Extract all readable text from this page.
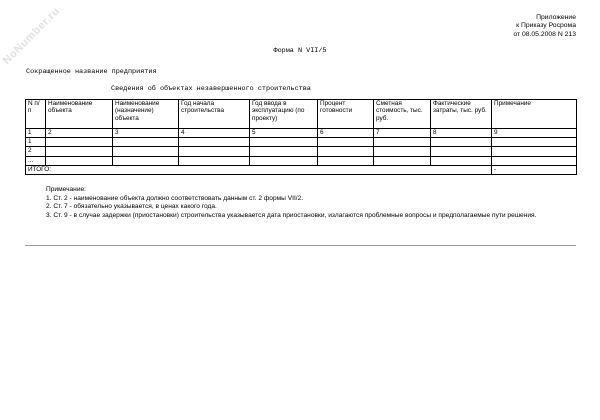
NoNumber.ru	Приложение
к Приказу Росрома
от 08.05.2008 N 213
Форма N VII/5
Сокращенное название предприятия
Сведения об объектах незавершенного строительства
N п/п	Наименование объекта	Наименование (назначение) объекта	Год начала строительства	Год ввода в эксплуатацию (по проекту)	Процент готовности	Сметная стоимость, тыс. руб.	Фактические затраты, тыс. руб.	Примечание
1	2	3	4	5	6	7	8	9
1								
2								
...								
ИТОГО:								-
Примечание:
1. Ст. 2 - наименование объекта должно соответствовать данным ст. 2 формы VII/2.
2. Ст. 7 - обязательно указывается, в ценах какого года.
3. Ст. 9 - в случае задержки (приостановки) строительства указывается дата приостановки, излагаются проблемные вопросы и предполагаемые пути решения.
